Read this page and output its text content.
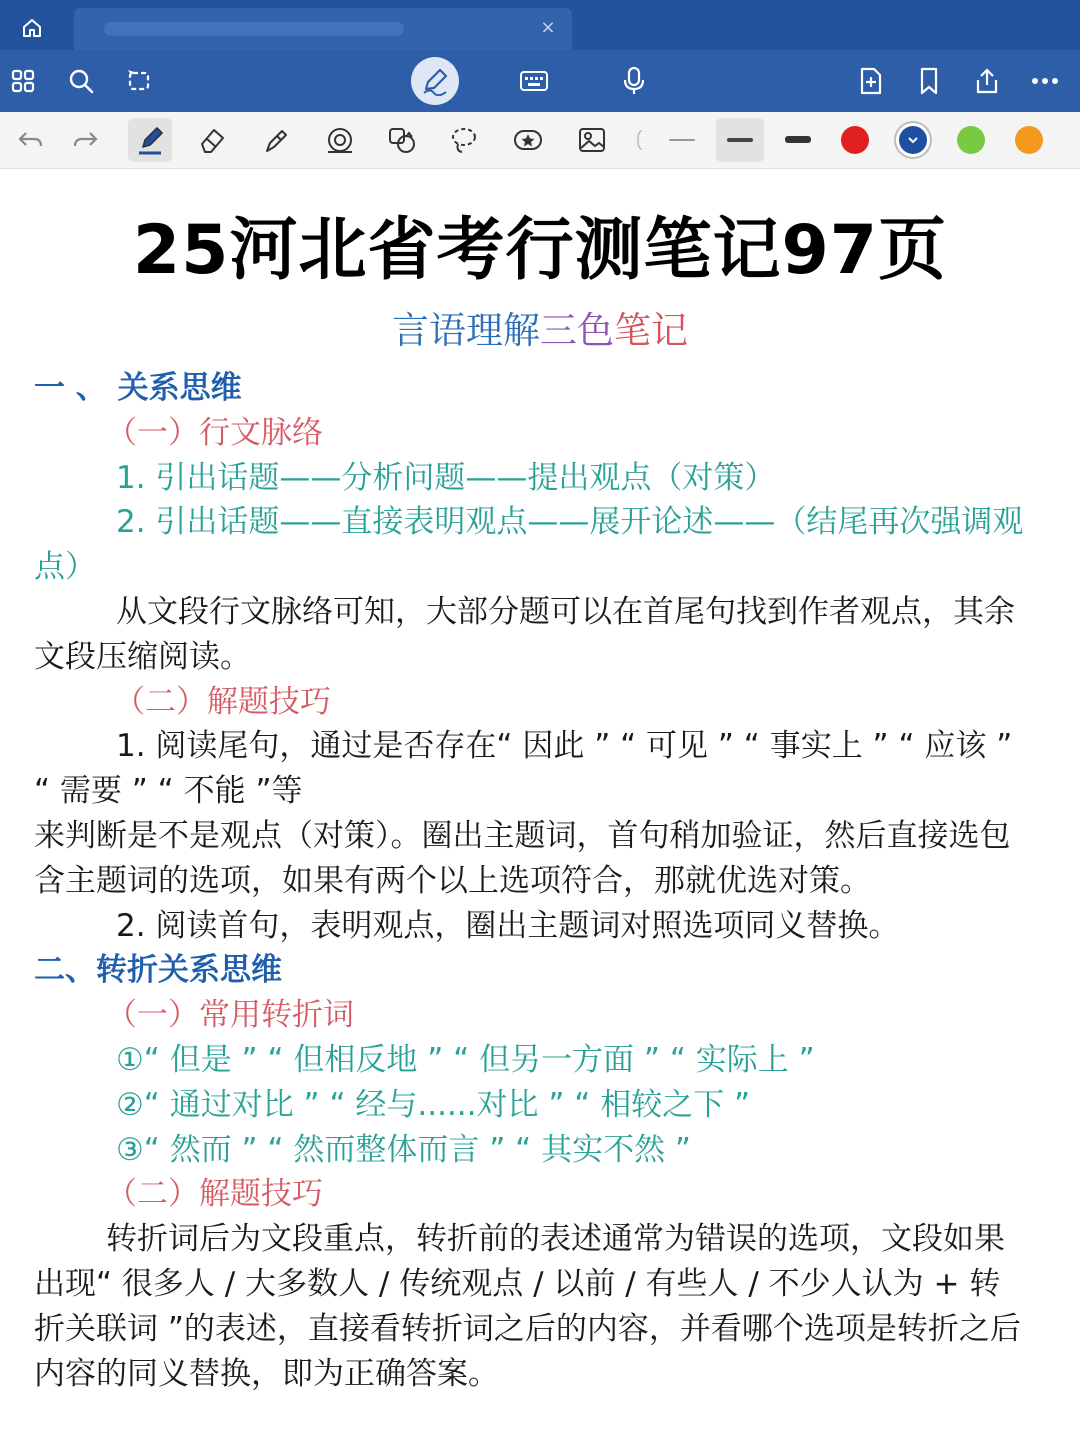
×
25河北省考行测笔记97页
言语理解三色笔记
一 、 关系思维
（一）行文脉络
1. 引出话题——分析问题——提出观点（对策）
2. 引出话题——直接表明观点——展开论述——（结尾再次强调观
点）
从文段行文脉络可知，大部分题可以在首尾句找到作者观点，其余
文段压缩阅读。
（二）解题技巧
1. 阅读尾句，通过是否存在“ 因此 ” “ 可见 ” “ 事实上 ” “ 应该 ”
“ 需要 ” “ 不能 ”等
来判断是不是观点（对策）。圈出主题词，首句稍加验证，然后直接选包
含主题词的选项，如果有两个以上选项符合，那就优选对策。
2. 阅读首句，表明观点，圈出主题词对照选项同义替换。
二、转折关系思维
（一）常用转折词
①“ 但是 ” “ 但相反地 ” “ 但另一方面 ” “ 实际上 ”
②“ 通过对比 ” “ 经与......对比 ” “ 相较之下 ”
③“ 然而 ” “ 然而整体而言 ” “ 其实不然 ”
（二）解题技巧
转折词后为文段重点，转折前的表述通常为错误的选项，文段如果
出现“ 很多人 / 大多数人 / 传统观点 / 以前 / 有些人 / 不少人认为 + 转
折关联词 ”的表述，直接看转折词之后的内容，并看哪个选项是转折之后
内容的同义替换，即为正确答案。
